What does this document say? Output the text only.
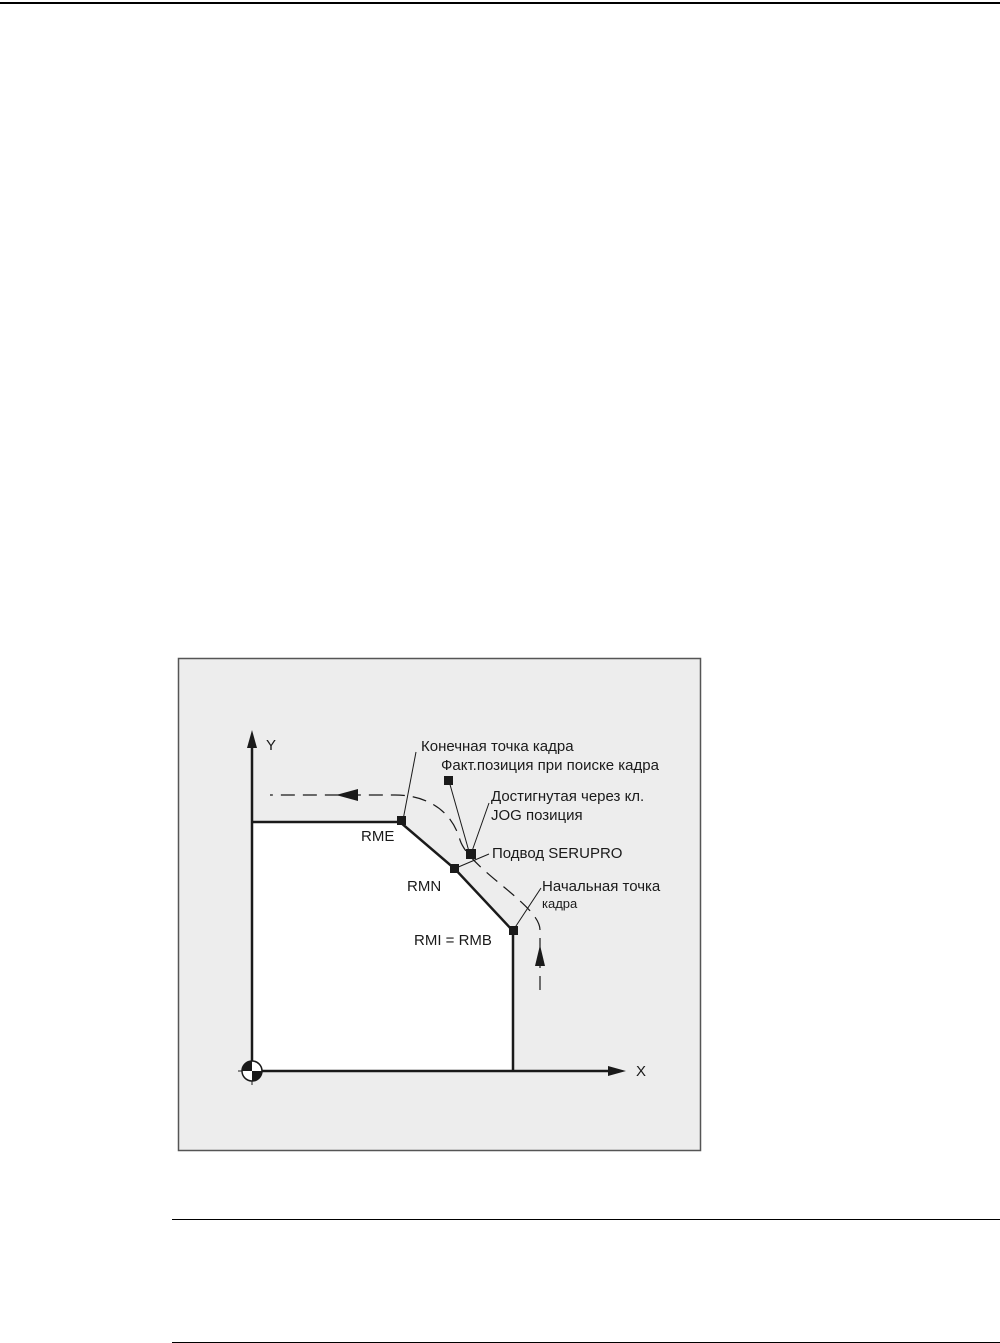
Y
X
RME
RMN
RMI = RMB
Конечная точка кадра
Факт.позиция при поиске кадра
Достигнутая через кл.
JOG позиция
Подвод SERUPRO
Начальная точка
кадра
